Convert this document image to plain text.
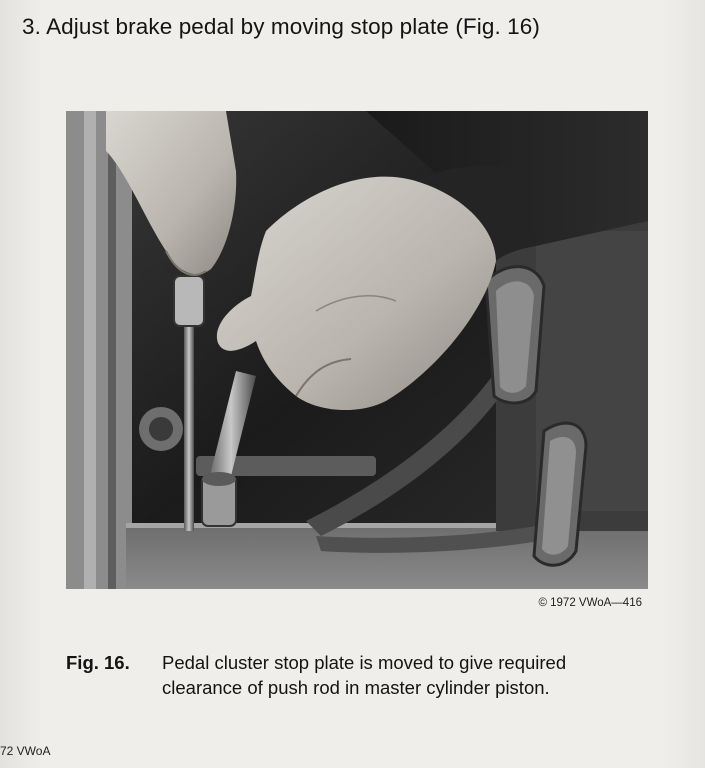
3. Adjust brake pedal by moving stop plate (Fig. 16)
© 1972 VWoA—416
Fig. 16. Pedal cluster stop plate is moved to give required clearance of push rod in master cylinder piston.
72 VWoA
